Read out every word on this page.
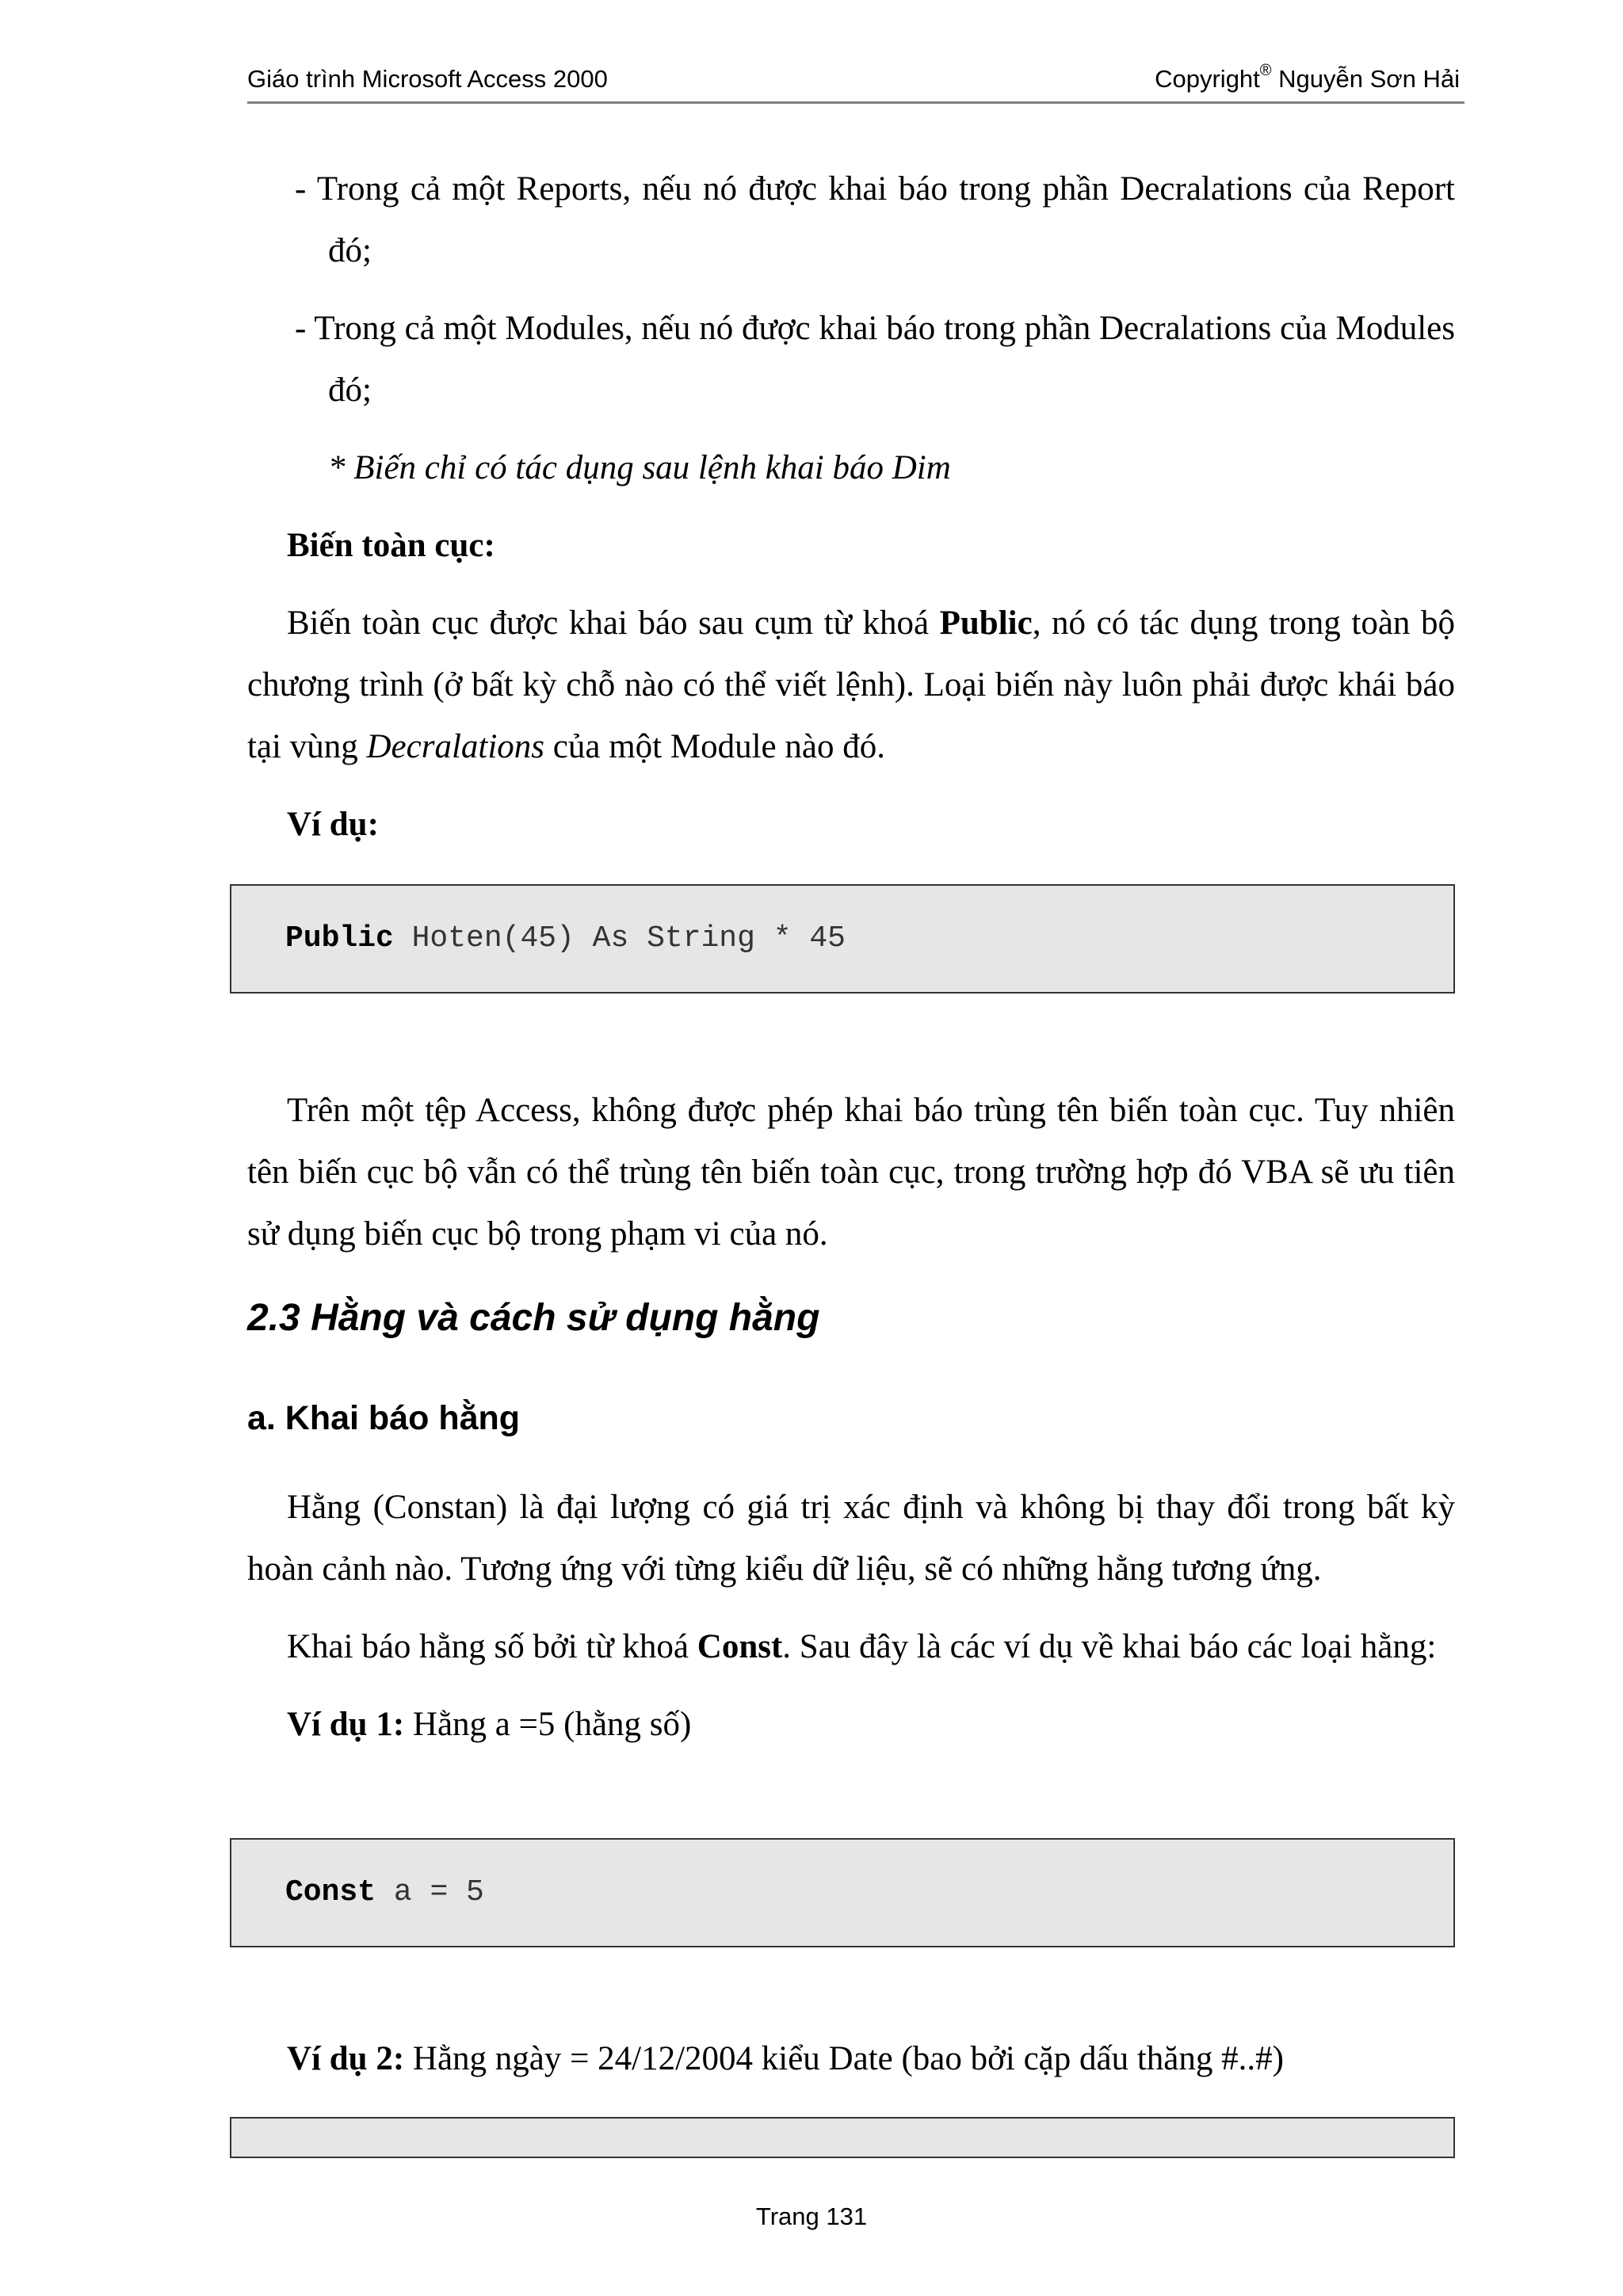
Giáo trình Microsoft Access 2000	Copyright® Nguyễn Sơn Hải

- Trong cả một Reports, nếu nó được khai báo trong phần Decralations của Report đó;

- Trong cả một Modules, nếu nó được khai báo trong phần Decralations của Modules đó;

* Biến chỉ có tác dụng sau lệnh khai báo Dim

Biến toàn cục:

Biến toàn cục được khai báo sau cụm từ khoá Public, nó có tác dụng trong toàn bộ chương trình (ở bất kỳ chỗ nào có thể viết lệnh). Loại biến này luôn phải được khái báo tại vùng Decralations của một Module nào đó.

Ví dụ:

Public Hoten(45) As String * 45

Trên một tệp Access, không được phép khai báo trùng tên biến toàn cục. Tuy nhiên tên biến cục bộ vẫn có thể trùng tên biến toàn cục, trong trường hợp đó VBA sẽ ưu tiên sử dụng biến cục bộ trong phạm vi của nó.

2.3 Hằng và cách sử dụng hằng
a. Khai báo hằng

Hằng (Constan) là đại lượng có giá trị xác định và không bị thay đổi trong bất kỳ hoàn cảnh nào. Tương ứng với từng kiểu dữ liệu, sẽ có những hằng tương ứng.

Khai báo hằng số bởi từ khoá Const. Sau đây là các ví dụ về khai báo các loại hằng:

Ví dụ 1: Hằng a =5 (hằng số)

Const a = 5

Ví dụ 2: Hằng ngày = 24/12/2004 kiểu Date (bao bởi cặp dấu thăng #..#)

Trang 131
